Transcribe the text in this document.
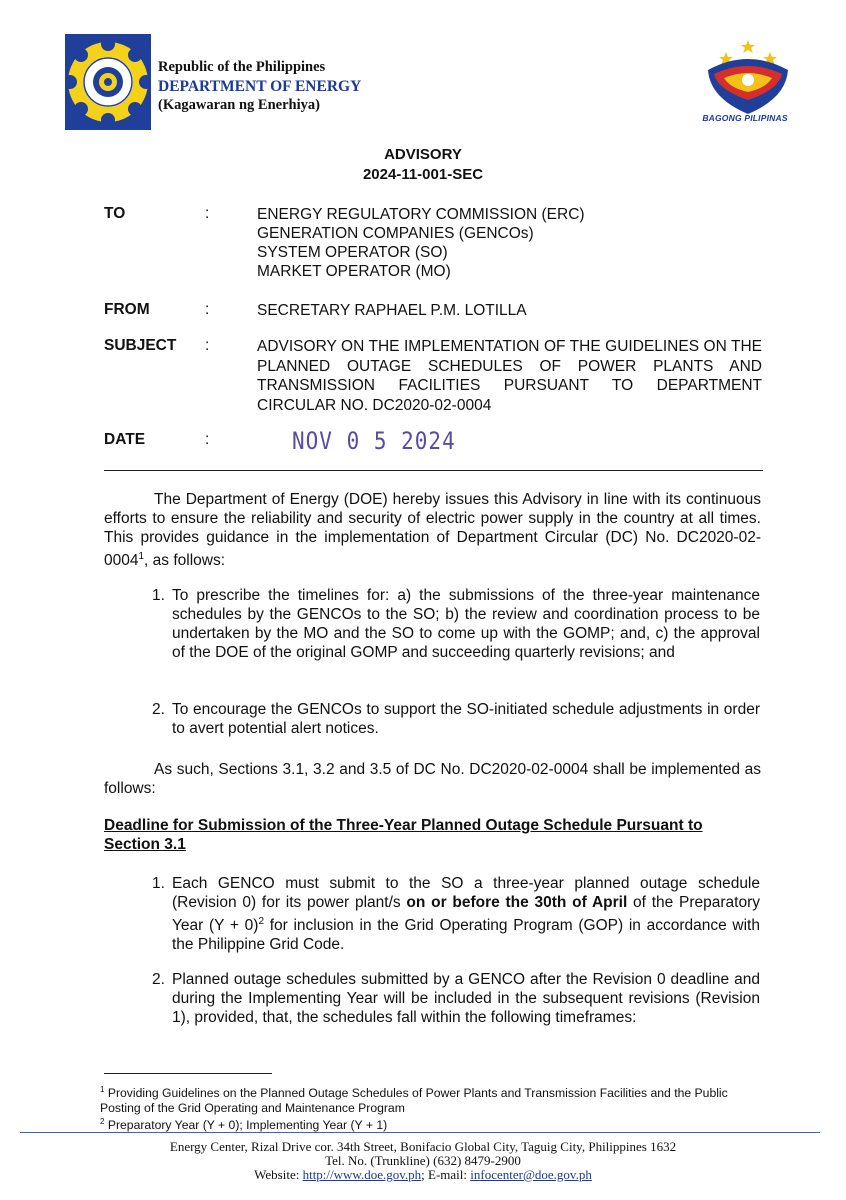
Republic of the Philippines
DEPARTMENT OF ENERGY
(Kagawaran ng Enerhiya)
BAGONG PILIPINAS
ADVISORY
2024-11-001-SEC
TO	:	ENERGY REGULATORY COMMISSION (ERC)
GENERATION COMPANIES (GENCOs)
SYSTEM OPERATOR (SO)
MARKET OPERATOR (MO)
FROM	:	SECRETARY RAPHAEL P.M. LOTILLA
SUBJECT :	ADVISORY ON THE IMPLEMENTATION OF THE GUIDELINES ON THE PLANNED OUTAGE SCHEDULES OF POWER PLANTS AND TRANSMISSION FACILITIES PURSUANT TO DEPARTMENT CIRCULAR NO. DC2020-02-0004
DATE	:	NOV 0 5 2024
The Department of Energy (DOE) hereby issues this Advisory in line with its continuous efforts to ensure the reliability and security of electric power supply in the country at all times. This provides guidance in the implementation of Department Circular (DC) No. DC2020-02-0004$^1$, as follows:
1. To prescribe the timelines for: a) the submissions of the three-year maintenance schedules by the GENCOs to the SO; b) the review and coordination process to be undertaken by the MO and the SO to come up with the GOMP; and, c) the approval of the DOE of the original GOMP and succeeding quarterly revisions; and
2. To encourage the GENCOs to support the SO-initiated schedule adjustments in order to avert potential alert notices.
As such, Sections 3.1, 3.2 and 3.5 of DC No. DC2020-02-0004 shall be implemented as follows:
Deadline for Submission of the Three-Year Planned Outage Schedule Pursuant to Section 3.1
1. Each GENCO must submit to the SO a three-year planned outage schedule (Revision 0) for its power plant/s on or before the 30th of April of the Preparatory Year $(Y + 0)^2$ for inclusion in the Grid Operating Program (GOP) in accordance with the Philippine Grid Code.
2. Planned outage schedules submitted by a GENCO after the Revision 0 deadline and during the Implementing Year will be included in the subsequent revisions (Revision 1), provided, that, the schedules fall within the following timeframes:
$^1$ Providing Guidelines on the Planned Outage Schedules of Power Plants and Transmission Facilities and the Public Posting of the Grid Operating and Maintenance Program
$^2$ Preparatory Year (Y + 0); Implementing Year (Y + 1)
Energy Center, Rizal Drive cor. 34th Street, Bonifacio Global City, Taguig City, Philippines 1632
Tel. No. (Trunkline) (632) 8479-2900
Website: http://www.doe.gov.ph; E-mail: infocenter@doe.gov.ph
